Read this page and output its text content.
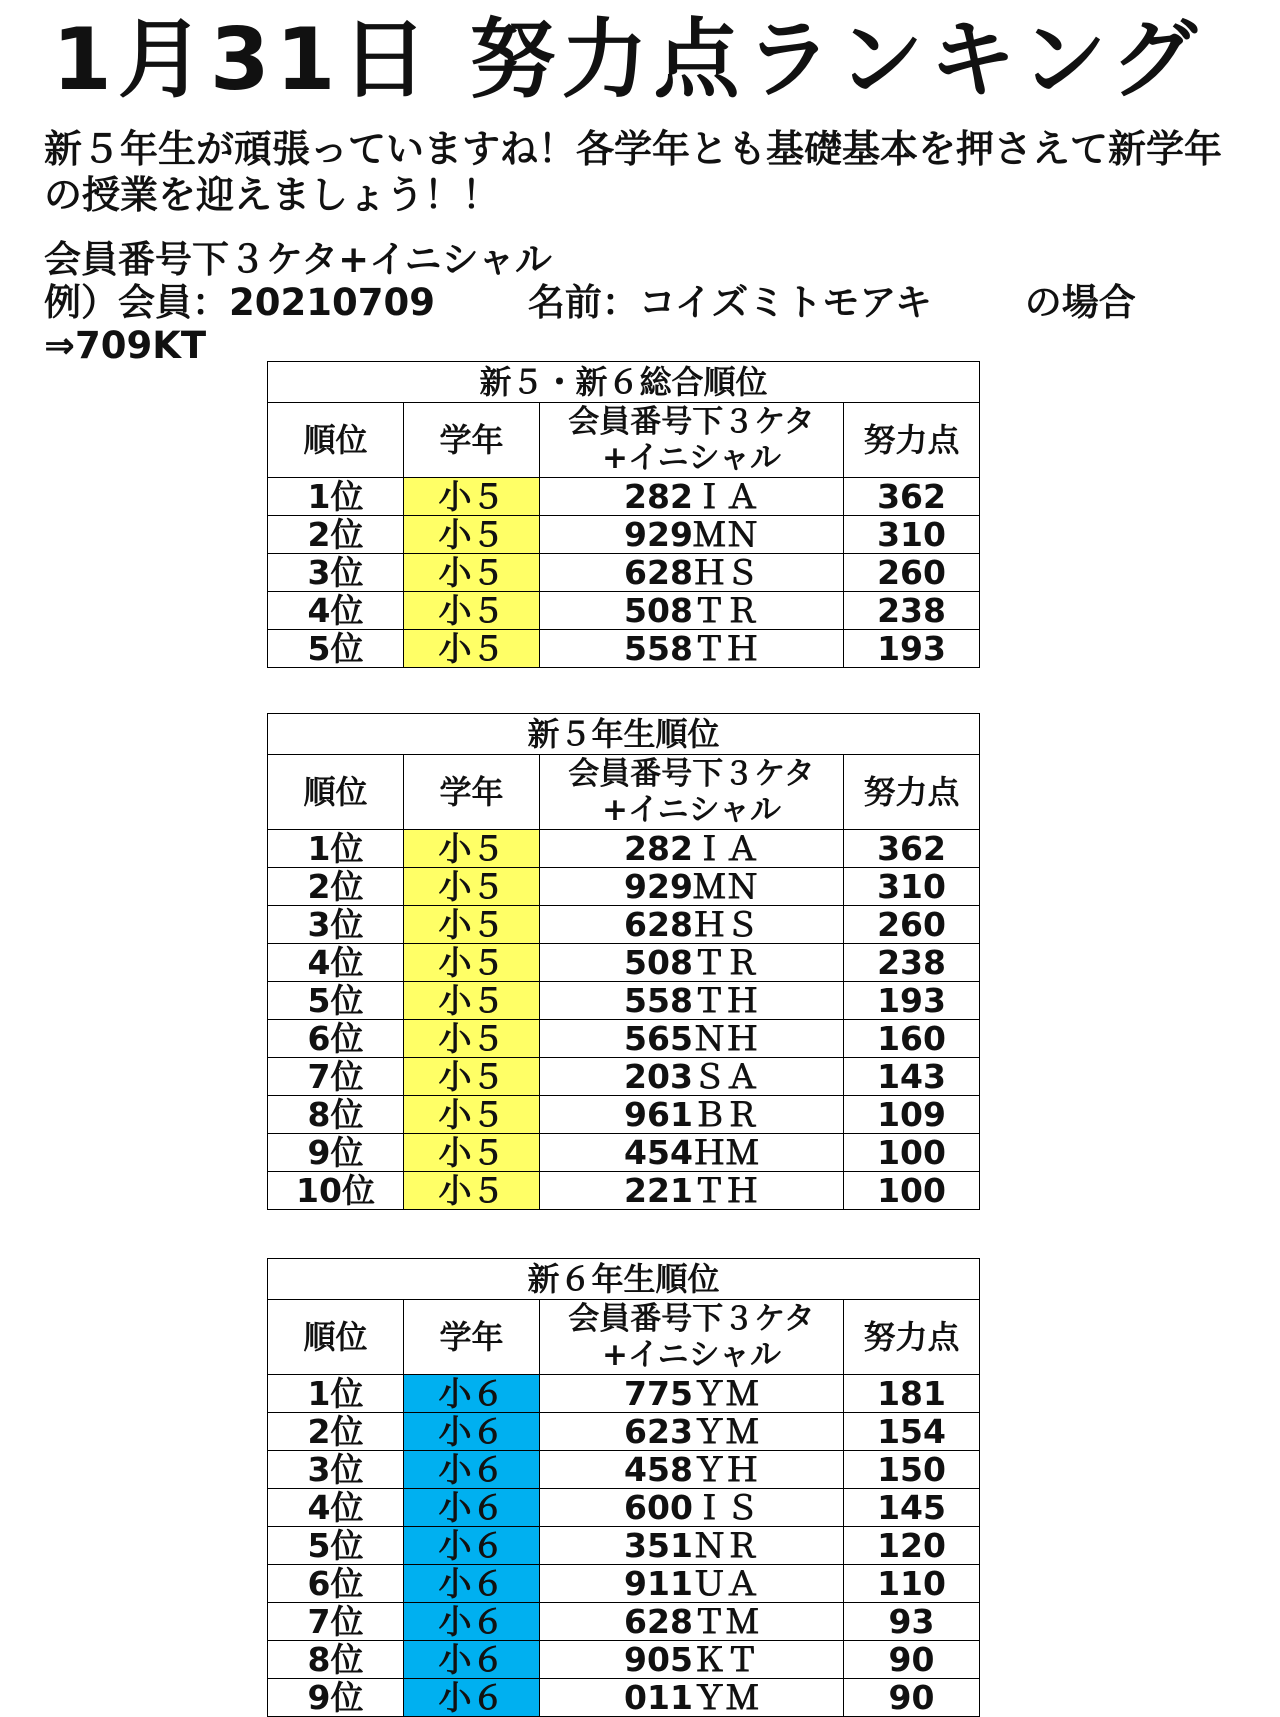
1月31日 努力点ランキング

新５年生が頑張っていますね！各学年とも基礎基本を押さえて新学年の授業を迎えましょう！！

会員番号下３ケタ+イニシャル
例）会員：20210709	名前：コイズミトモアキ	の場合
⇒709KT
新５・新６総合順位			
順位	学年	会員番号下３ケタ+イニシャル	努力点
1位	小５	282ＩＡ	362
2位	小５	929ＭＮ	310
3位	小５	628ＨＳ	260
4位	小５	508ＴＲ	238
5位	小５	558ＴＨ	193
新５年生順位			
順位	学年	会員番号下３ケタ+イニシャル	努力点
1位	小５	282ＩＡ	362
2位	小５	929ＭＮ	310
3位	小５	628ＨＳ	260
4位	小５	508ＴＲ	238
5位	小５	558ＴＨ	193
6位	小５	565ＮＨ	160
7位	小５	203ＳＡ	143
8位	小５	961ＢＲ	109
9位	小５	454ＨＭ	100
10位	小５	221ＴＨ	100
新６年生順位			
順位	学年	会員番号下３ケタ+イニシャル	努力点
1位	小６	775ＹＭ	181
2位	小６	623ＹＭ	154
3位	小６	458ＹＨ	150
4位	小６	600ＩＳ	145
5位	小６	351ＮＲ	120
6位	小６	911ＵＡ	110
7位	小６	628ＴＭ	93
8位	小６	905ＫＴ	90
9位	小６	011ＹＭ	90
